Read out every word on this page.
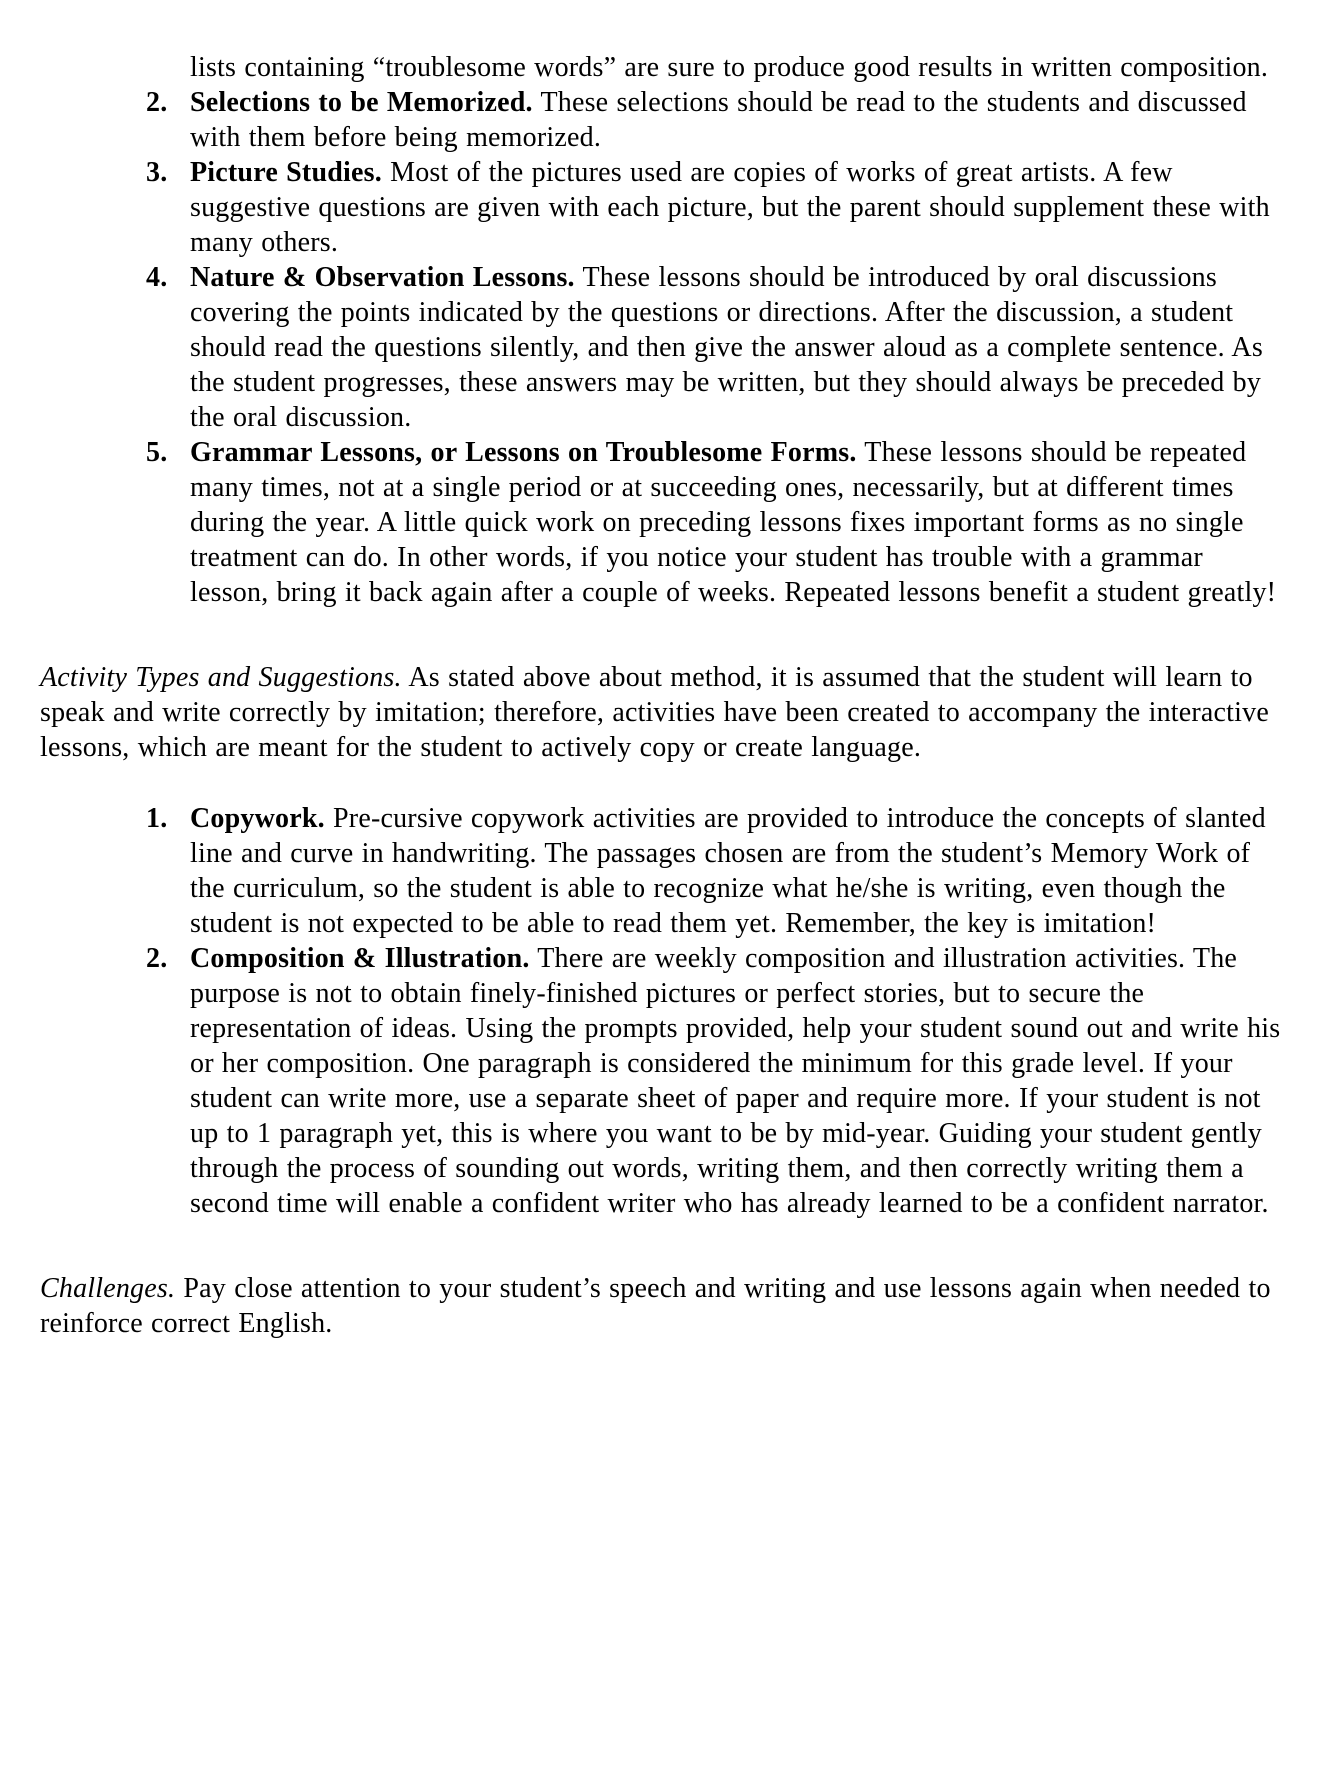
lists containing “troublesome words” are sure to produce good results in written composition.
2. Selections to be Memorized. These selections should be read to the students and discussed with them before being memorized.
3. Picture Studies. Most of the pictures used are copies of works of great artists. A few suggestive questions are given with each picture, but the parent should supplement these with many others.
4. Nature & Observation Lessons. These lessons should be introduced by oral discussions covering the points indicated by the questions or directions. After the discussion, a student should read the questions silently, and then give the answer aloud as a complete sentence. As the student progresses, these answers may be written, but they should always be preceded by the oral discussion.
5. Grammar Lessons, or Lessons on Troublesome Forms. These lessons should be repeated many times, not at a single period or at succeeding ones, necessarily, but at different times during the year. A little quick work on preceding lessons fixes important forms as no single treatment can do. In other words, if you notice your student has trouble with a grammar lesson, bring it back again after a couple of weeks. Repeated lessons benefit a student greatly!
Activity Types and Suggestions. As stated above about method, it is assumed that the student will learn to speak and write correctly by imitation; therefore, activities have been created to accompany the interactive lessons, which are meant for the student to actively copy or create language.
1. Copywork. Pre-cursive copywork activities are provided to introduce the concepts of slanted line and curve in handwriting. The passages chosen are from the student’s Memory Work of the curriculum, so the student is able to recognize what he/she is writing, even though the student is not expected to be able to read them yet. Remember, the key is imitation!
2. Composition & Illustration. There are weekly composition and illustration activities. The purpose is not to obtain finely-finished pictures or perfect stories, but to secure the representation of ideas. Using the prompts provided, help your student sound out and write his or her composition. One paragraph is considered the minimum for this grade level. If your student can write more, use a separate sheet of paper and require more. If your student is not up to 1 paragraph yet, this is where you want to be by mid-year. Guiding your student gently through the process of sounding out words, writing them, and then correctly writing them a second time will enable a confident writer who has already learned to be a confident narrator.
Challenges. Pay close attention to your student’s speech and writing and use lessons again when needed to reinforce correct English.
